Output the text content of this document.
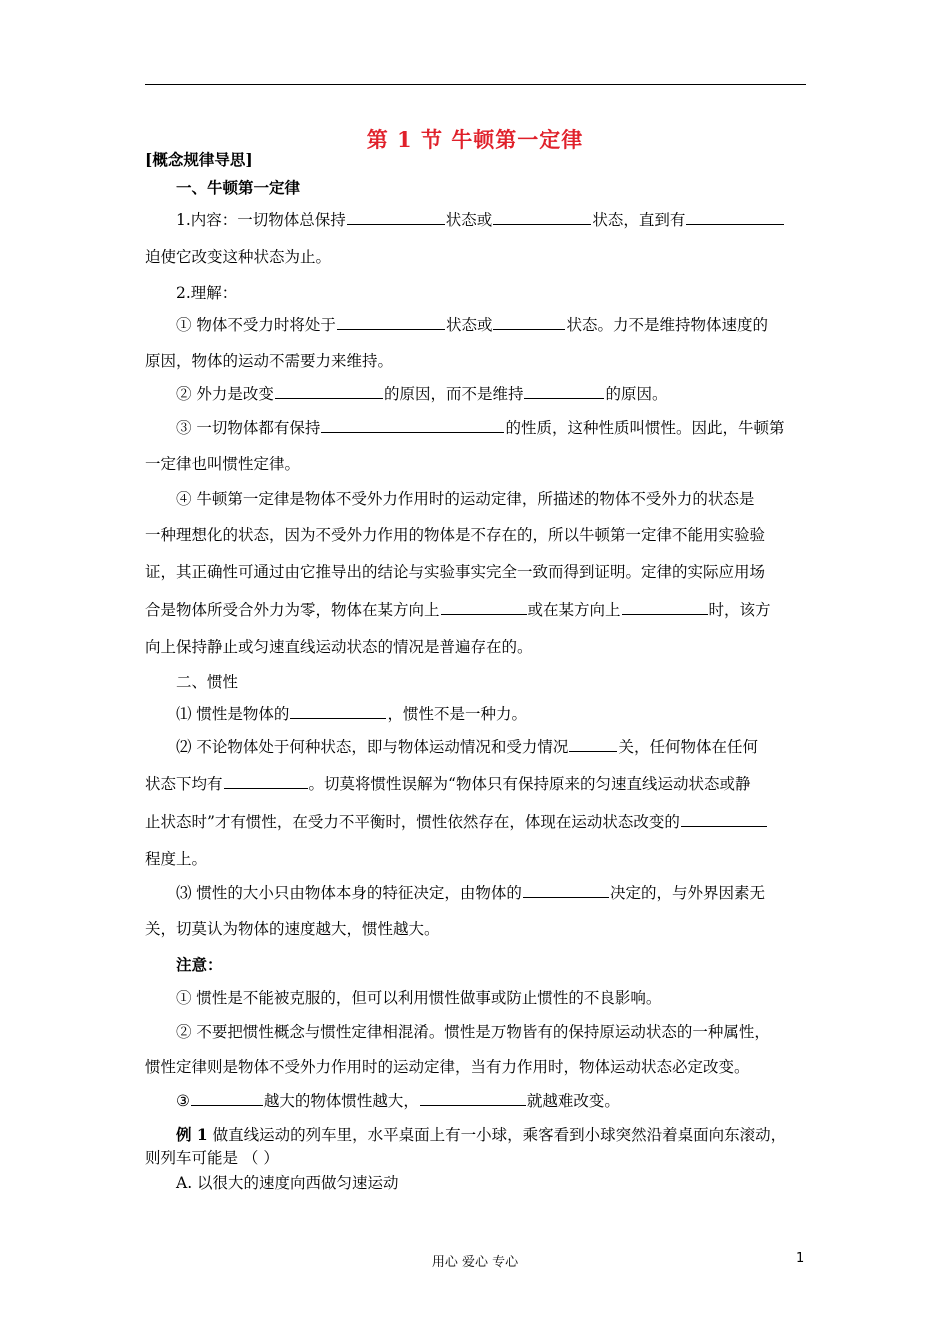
第 1 节 牛顿第一定律
[概念规律导思]
一、牛顿第一定律
1.内容：一切物体总保持	状态或	状态，直到有
迫使它改变这种状态为止。
2.理解：
① 物体不受力时将处于	状态或	状态。力不是维持物体速度的
原因，物体的运动不需要力来维持。
② 外力是改变	的原因，而不是维持	的原因。
③ 一切物体都有保持	的性质，这种性质叫惯性。因此，牛顿第
一定律也叫惯性定律。
④ 牛顿第一定律是物体不受外力作用时的运动定律，所描述的物体不受外力的状态是
一种理想化的状态，因为不受外力作用的物体是不存在的，所以牛顿第一定律不能用实验验
证，其正确性可通过由它推导出的结论与实验事实完全一致而得到证明。定律的实际应用场
合是物体所受合外力为零，物体在某方向上	或在某方向上	时，该方
向上保持静止或匀速直线运动状态的情况是普遍存在的。
二、惯性
⑴ 惯性是物体的	，惯性不是一种力。
⑵ 不论物体处于何种状态，即与物体运动情况和受力情况	关，任何物体在任何
状态下均有	。切莫将惯性误解为“物体只有保持原来的匀速直线运动状态或静
止状态时”才有惯性，在受力不平衡时，惯性依然存在，体现在运动状态改变的
程度上。
⑶ 惯性的大小只由物体本身的特征决定，由物体的	决定的，与外界因素无
关，切莫认为物体的速度越大，惯性越大。
注意：
① 惯性是不能被克服的，但可以利用惯性做事或防止惯性的不良影响。
② 不要把惯性概念与惯性定律相混淆。惯性是万物皆有的保持原运动状态的一种属性，
惯性定律则是物体不受外力作用时的运动定律，当有力作用时，物体运动状态必定改变。
③	越大的物体惯性越大，	就越难改变。
例 1 做直线运动的列车里，水平桌面上有一小球，乘客看到小球突然沿着桌面向东滚动，
则列车可能是 （ ）
A. 以很大的速度向西做匀速运动
用心 爱心 专心	1
